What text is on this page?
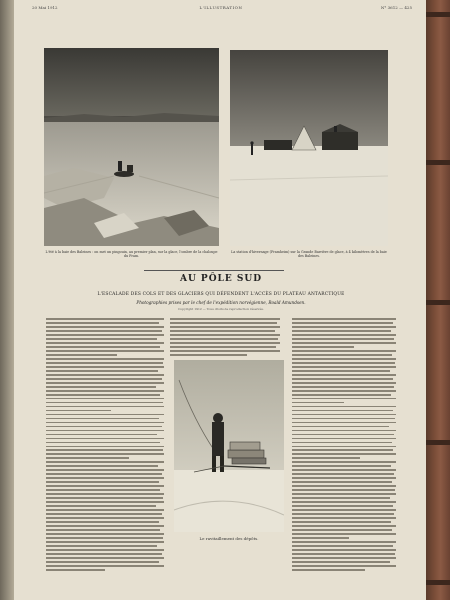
20 Mai 1912	L'ILLUSTRATION	N° 3612 — 425
L'été à la baie des Baleines : on met un pingouin, au premier plan, sur la glace, l'ombre de la chaloupe du Fram.
La station d'hivernage (Framheim) sur la Grande Barrière de glace, à 4 kilomètres de la baie des Baleines.
AU PÔLE SUD
L'ESCALADE DES COLS ET DES GLACIERS QUI DÉFENDENT L'ACCÈS DU PLATEAU ANTARCTIQUE
Photographies prises par le chef de l'expédition norvégienne, Roald Amundsen.
Copyright 1912 — Tous droits de reproduction réservés.
Le ravitaillement des dépôts.
